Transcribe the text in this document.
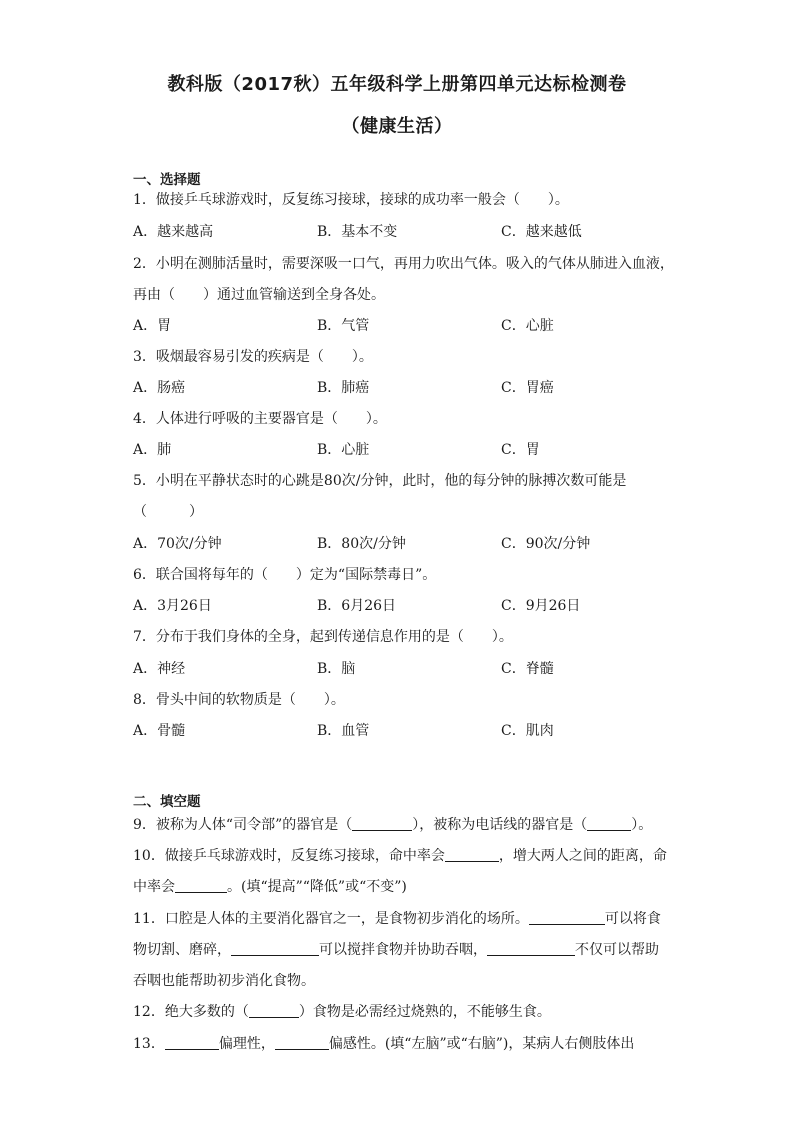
教科版（2017秋）五年级科学上册第四单元达标检测卷
（健康生活）
一、选择题
1．做接乒乓球游戏时，反复练习接球，接球的成功率一般会（　　）。
A．越来越高	B．基本不变	C．越来越低
2．小明在测肺活量时，需要深吸一口气，再用力吹出气体。吸入的气体从肺进入血液，
再由（　　）通过血管输送到全身各处。
A．胃	B．气管	C．心脏
3．吸烟最容易引发的疾病是（　　）。
A．肠癌	B．肺癌	C．胃癌
4．人体进行呼吸的主要器官是（　　）。
A．肺	B．心脏	C．胃
5．小明在平静状态时的心跳是80次/分钟，此时，他的每分钟的脉搏次数可能是
（　　　）
A．70次/分钟	B．80次/分钟	C．90次/分钟
6．联合国将每年的（　　）定为“国际禁毒日”。
A．3月26日	B．6月26日	C．9月26日
7．分布于我们身体的全身，起到传递信息作用的是（　　）。
A．神经	B．脑	C．脊髓
8．骨头中间的软物质是（　　）。
A．骨髓	B．血管	C．肌肉
二、填空题
9．被称为人体“司令部”的器官是（	），被称为电话线的器官是（	）。
10．做接乒乓球游戏时，反复练习接球，命中率会	，增大两人之间的距离，命
中率会	。(填“提高”“降低”或“不变”)
11．口腔是人体的主要消化器官之一，是食物初步消化的场所。	可以将食
物切割、磨碎，	可以搅拌食物并协助吞咽，	不仅可以帮助
吞咽也能帮助初步消化食物。
12．绝大多数的（	）食物是必需经过烧熟的，不能够生食。
13．	偏理性，	偏感性。(填“左脑”或“右脑”)，某病人右侧肢体出
